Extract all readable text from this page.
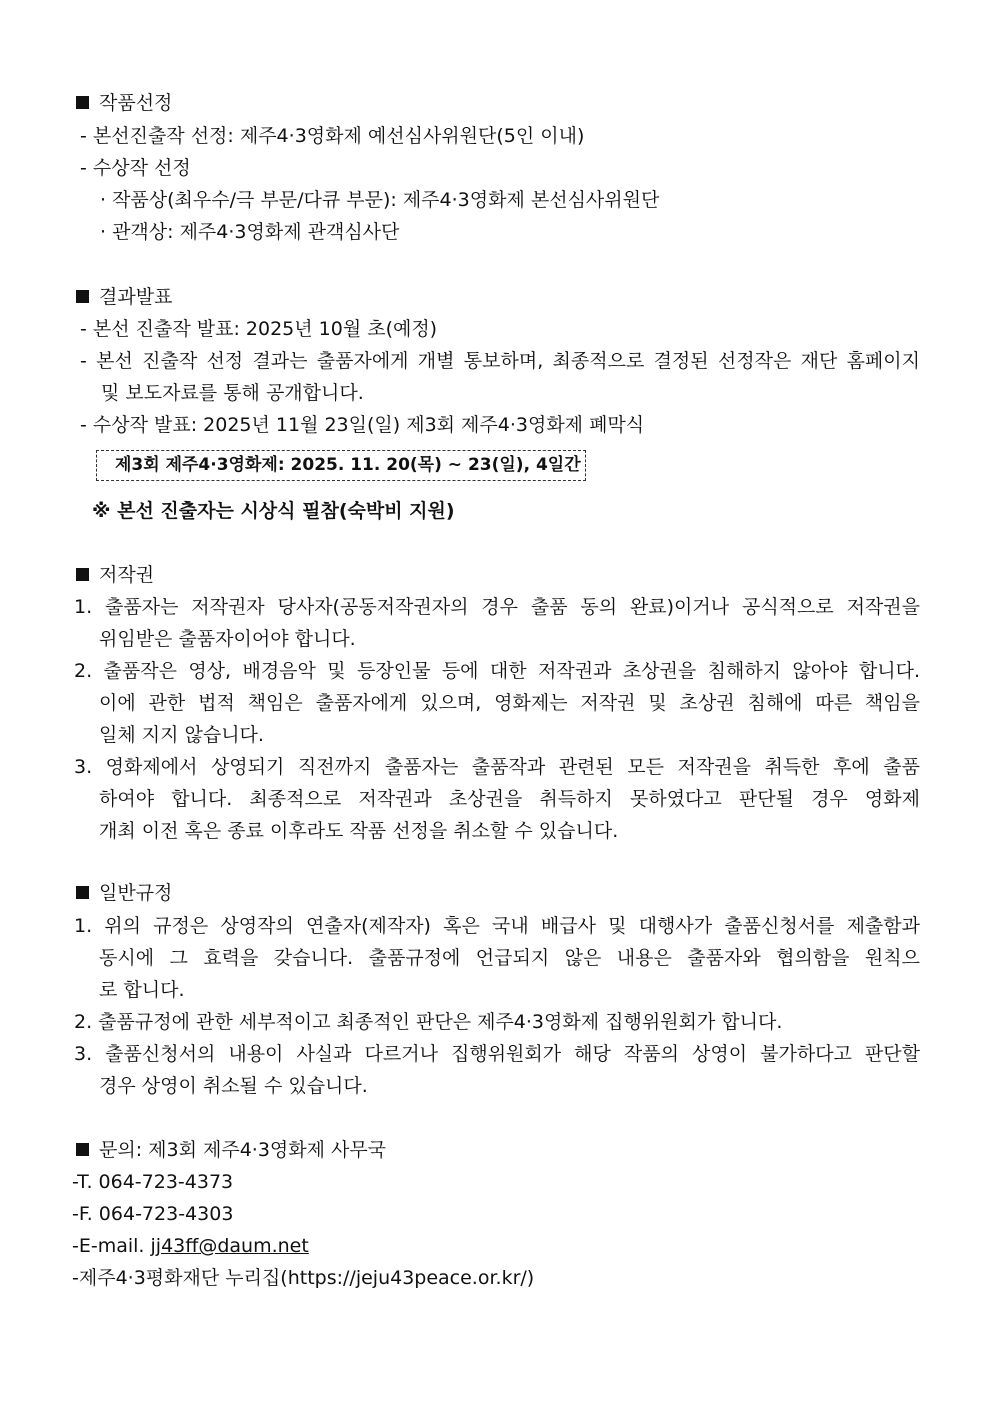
작품선정
- 본선진출작 선정: 제주4·3영화제 예선심사위원단(5인 이내)
- 수상작 선정
· 작품상(최우수/극 부문/다큐 부문): 제주4·3영화제 본선심사위원단
· 관객상: 제주4·3영화제 관객심사단
결과발표
- 본선 진출작 발표: 2025년 10월 초(예정)
- 본선 진출작 선정 결과는 출품자에게 개별 통보하며, 최종적으로 결정된 선정작은 재단 홈페이지
및 보도자료를 통해 공개합니다.
- 수상작 발표: 2025년 11월 23일(일) 제3회 제주4·3영화제 폐막식
제3회 제주4·3영화제: 2025. 11. 20(목) ~ 23(일), 4일간
※ 본선 진출자는 시상식 필참(숙박비 지원)
저작권
1. 출품자는 저작권자 당사자(공동저작권자의 경우 출품 동의 완료)이거나 공식적으로 저작권을
위임받은 출품자이어야 합니다.
2. 출품작은 영상, 배경음악 및 등장인물 등에 대한 저작권과 초상권을 침해하지 않아야 합니다.
이에 관한 법적 책임은 출품자에게 있으며, 영화제는 저작권 및 초상권 침해에 따른 책임을
일체 지지 않습니다.
3. 영화제에서 상영되기 직전까지 출품자는 출품작과 관련된 모든 저작권을 취득한 후에 출품
하여야 합니다. 최종적으로 저작권과 초상권을 취득하지 못하였다고 판단될 경우 영화제
개최 이전 혹은 종료 이후라도 작품 선정을 취소할 수 있습니다.
일반규정
1. 위의 규정은 상영작의 연출자(제작자) 혹은 국내 배급사 및 대행사가 출품신청서를 제출함과
동시에 그 효력을 갖습니다. 출품규정에 언급되지 않은 내용은 출품자와 협의함을 원칙으
로 합니다.
2. 출품규정에 관한 세부적이고 최종적인 판단은 제주4·3영화제 집행위원회가 합니다.
3. 출품신청서의 내용이 사실과 다르거나 집행위원회가 해당 작품의 상영이 불가하다고 판단할
경우 상영이 취소될 수 있습니다.
문의: 제3회 제주4·3영화제 사무국
-T. 064-723-4373
-F. 064-723-4303
-E-mail. jj43ff@daum.net
-제주4·3평화재단 누리집(https://jeju43peace.or.kr/)
